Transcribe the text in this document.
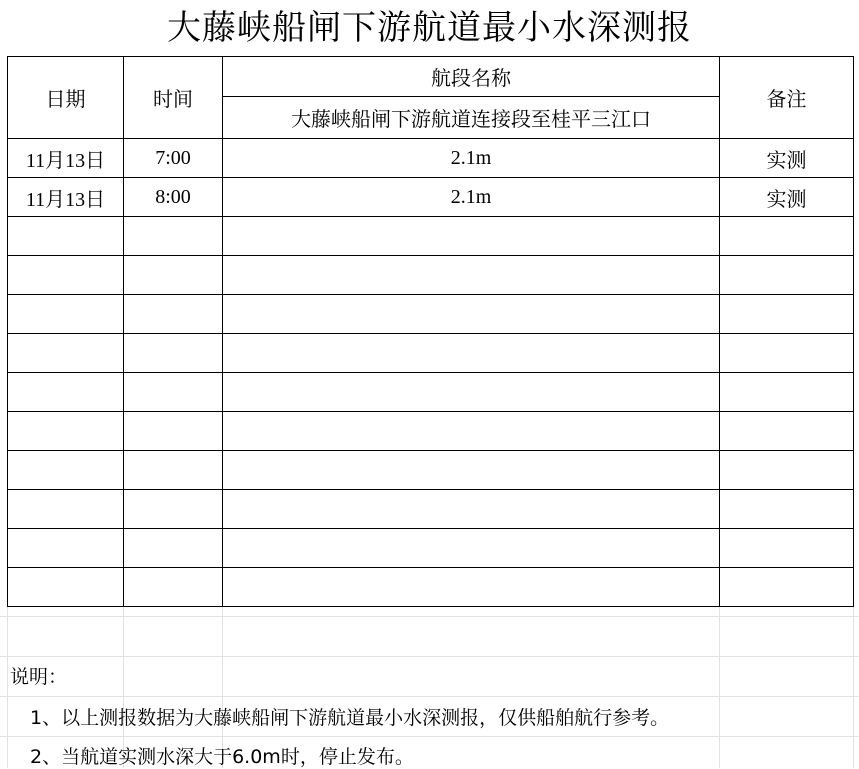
大藤峡船闸下游航道最小水深测报
日期	时间	航段名称	备注
		大藤峡船闸下游航道连接段至桂平三江口	
11月13日	7:00	2.1m	实测
11月13日	8:00	2.1m	实测

说明：
1、以上测报数据为大藤峡船闸下游航道最小水深测报，仅供船舶航行参考。
2、当航道实测水深大于6.0m时，停止发布。
